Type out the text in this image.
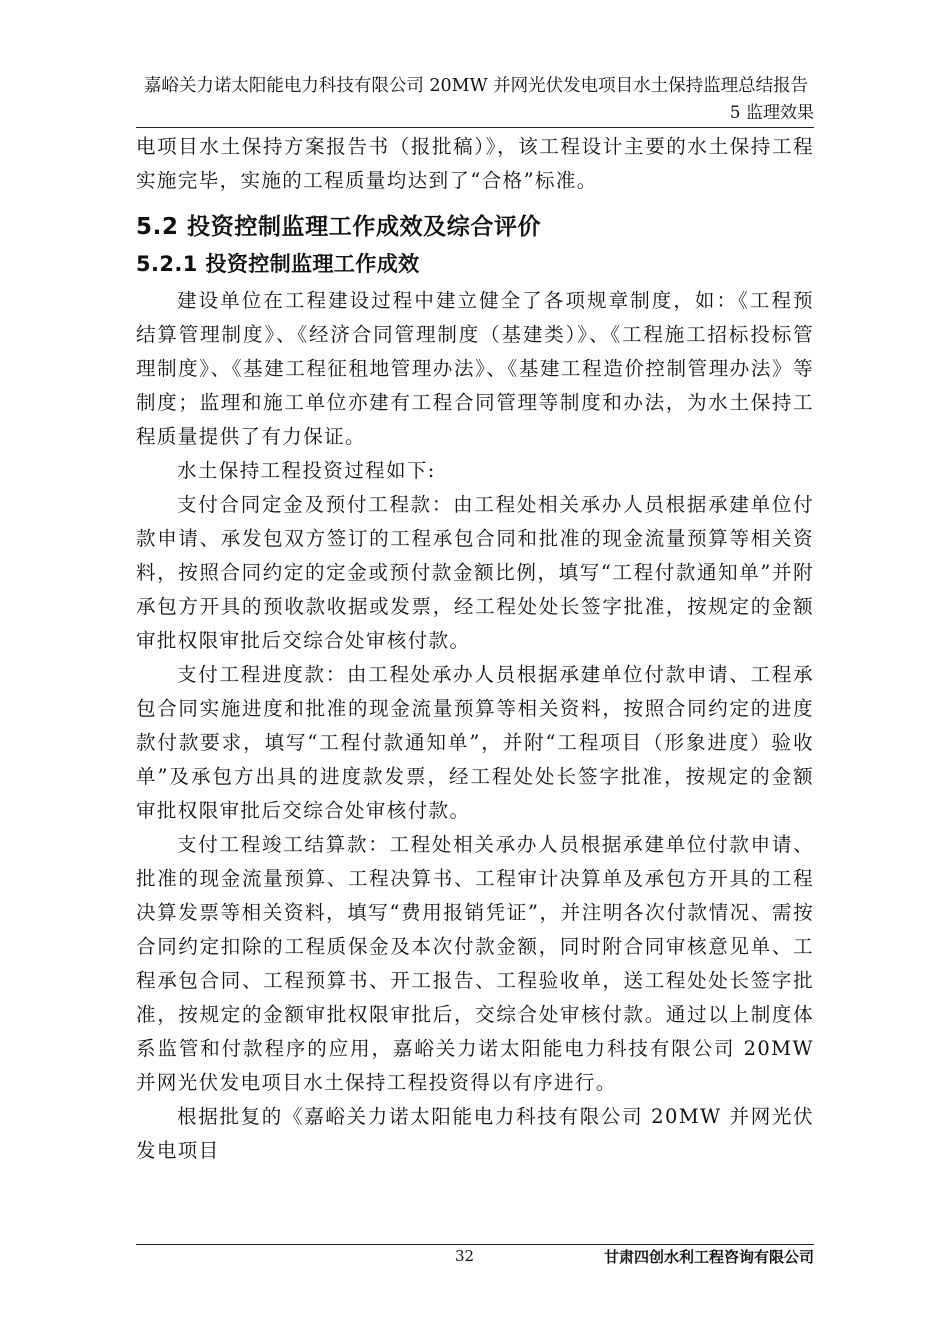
嘉峪关力诺太阳能电力科技有限公司 20MW 并网光伏发电项目水土保持监理总结报告
5 监理效果

电项目水土保持方案报告书（报批稿）》，该工程设计主要的水土保持工程实施完毕，实施的工程质量均达到了“合格”标准。

5.2 投资控制监理工作成效及综合评价
5.2.1 投资控制监理工作成效

建设单位在工程建设过程中建立健全了各项规章制度，如：《工程预结算管理制度》、《经济合同管理制度（基建类）》、《工程施工招标投标管理制度》、《基建工程征租地管理办法》、《基建工程造价控制管理办法》等制度；监理和施工单位亦建有工程合同管理等制度和办法，为水土保持工程质量提供了有力保证。

水土保持工程投资过程如下:

支付合同定金及预付工程款：由工程处相关承办人员根据承建单位付款申请、承发包双方签订的工程承包合同和批准的现金流量预算等相关资料，按照合同约定的定金或预付款金额比例，填写“工程付款通知单”并附承包方开具的预收款收据或发票，经工程处处长签字批准，按规定的金额审批权限审批后交综合处审核付款。

支付工程进度款：由工程处承办人员根据承建单位付款申请、工程承包合同实施进度和批准的现金流量预算等相关资料，按照合同约定的进度款付款要求，填写“工程付款通知单”，并附“工程项目（形象进度）验收单”及承包方出具的进度款发票，经工程处处长签字批准，按规定的金额审批权限审批后交综合处审核付款。

支付工程竣工结算款：工程处相关承办人员根据承建单位付款申请、批准的现金流量预算、工程决算书、工程审计决算单及承包方开具的工程决算发票等相关资料，填写“费用报销凭证”，并注明各次付款情况、需按合同约定扣除的工程质保金及本次付款金额，同时附合同审核意见单、工程承包合同、工程预算书、开工报告、工程验收单，送工程处处长签字批准，按规定的金额审批权限审批后，交综合处审核付款。通过以上制度体系监管和付款程序的应用，嘉峪关力诺太阳能电力科技有限公司 20MW 并网光伏发电项目水土保持工程投资得以有序进行。

根据批复的《嘉峪关力诺太阳能电力科技有限公司 20MW 并网光伏发电项目

32	甘肃四创水利工程咨询有限公司
